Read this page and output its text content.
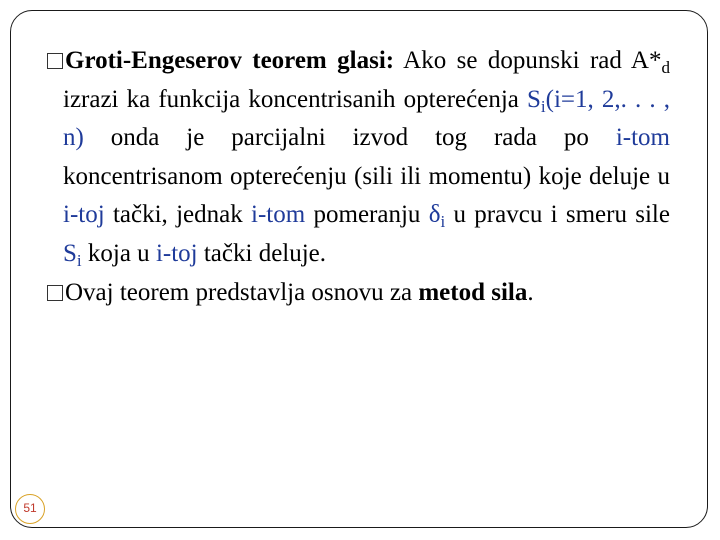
Groti-Engeserov teorem glasi: Ako se dopunski rad $A*_d$ izrazi ka funkcija koncentrisanih opterećenja $S_i(i=1$, 2,. . . , n) onda je parcijalni izvod tog rada po i-tom koncentrisanom opterećenju (sili ili momentu) koje deluje u i-toj tački, jednak i-tom pomeranju $\delta_i$ u pravcu i smeru sile $S_i$ koja u i-toj tački deluje.
Ovaj teorem predstavlja osnovu za metod sila.
51
